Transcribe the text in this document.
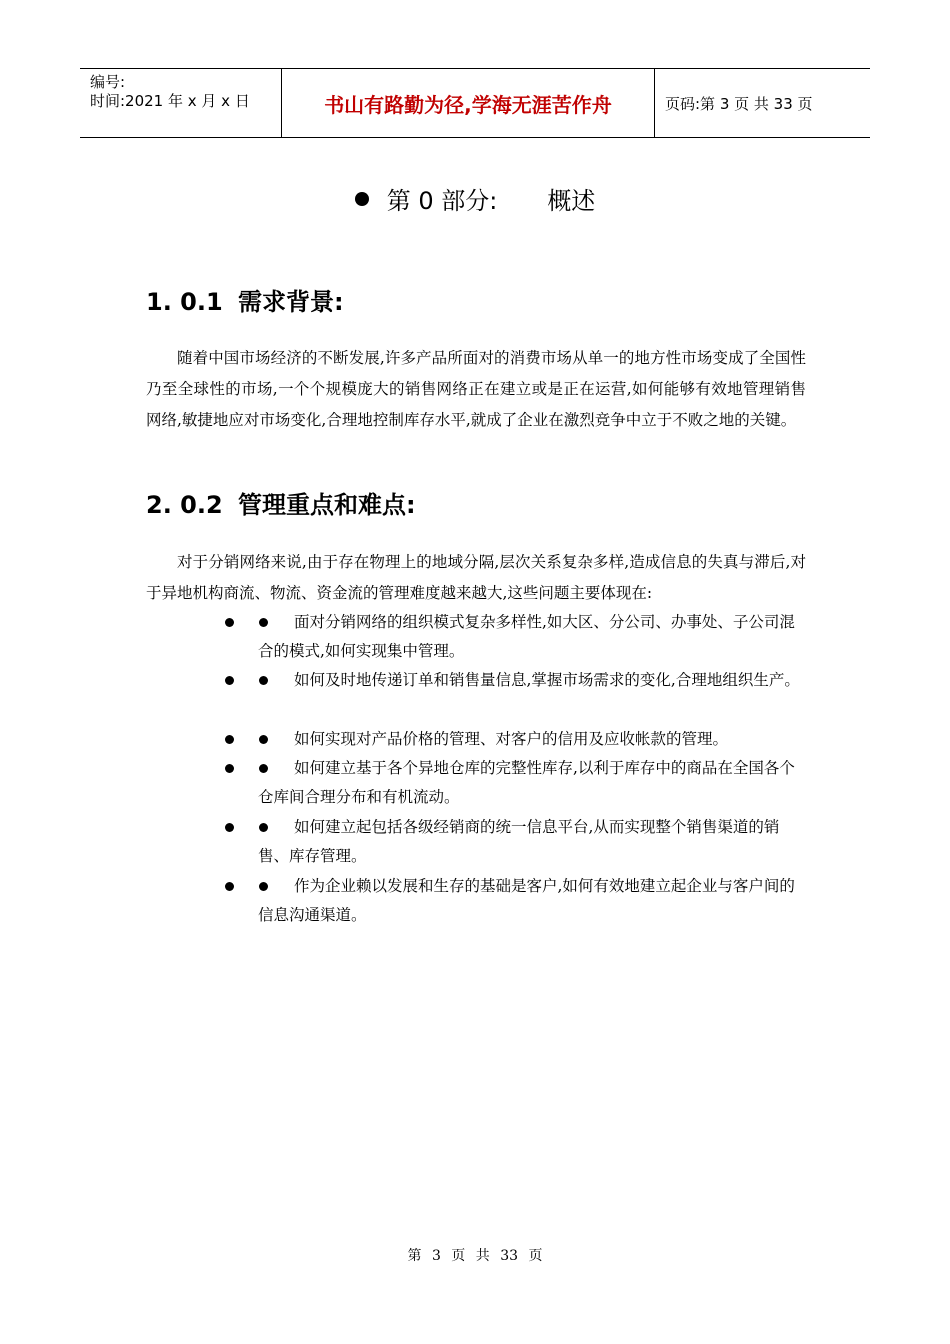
编号:
时间:2021 年 x 月 x 日	书山有路勤为径,学海无涯苦作舟	页码:第 3 页 共 33 页
第 0 部分: 概述
1. 0.1 需求背景:
随着中国市场经济的不断发展,许多产品所面对的消费市场从单一的地方性市场变成了全国性乃至全球性的市场,一个个规模庞大的销售网络正在建立或是正在运营,如何能够有效地管理销售网络,敏捷地应对市场变化,合理地控制库存水平,就成了企业在激烈竞争中立于不败之地的关键。
2. 0.2 管理重点和难点:
对于分销网络来说,由于存在物理上的地域分隔,层次关系复杂多样,造成信息的失真与滞后,对于异地机构商流、物流、资金流的管理难度越来越大,这些问题主要体现在:
面对分销网络的组织模式复杂多样性,如大区、分公司、办事处、子公司混合的模式,如何实现集中管理。
如何及时地传递订单和销售量信息,掌握市场需求的变化,合理地组织生产。
如何实现对产品价格的管理、对客户的信用及应收帐款的管理。
如何建立基于各个异地仓库的完整性库存,以利于库存中的商品在全国各个仓库间合理分布和有机流动。
如何建立起包括各级经销商的统一信息平台,从而实现整个销售渠道的销售、库存管理。
作为企业赖以发展和生存的基础是客户,如何有效地建立起企业与客户间的信息沟通渠道。
第 3 页 共 33 页
